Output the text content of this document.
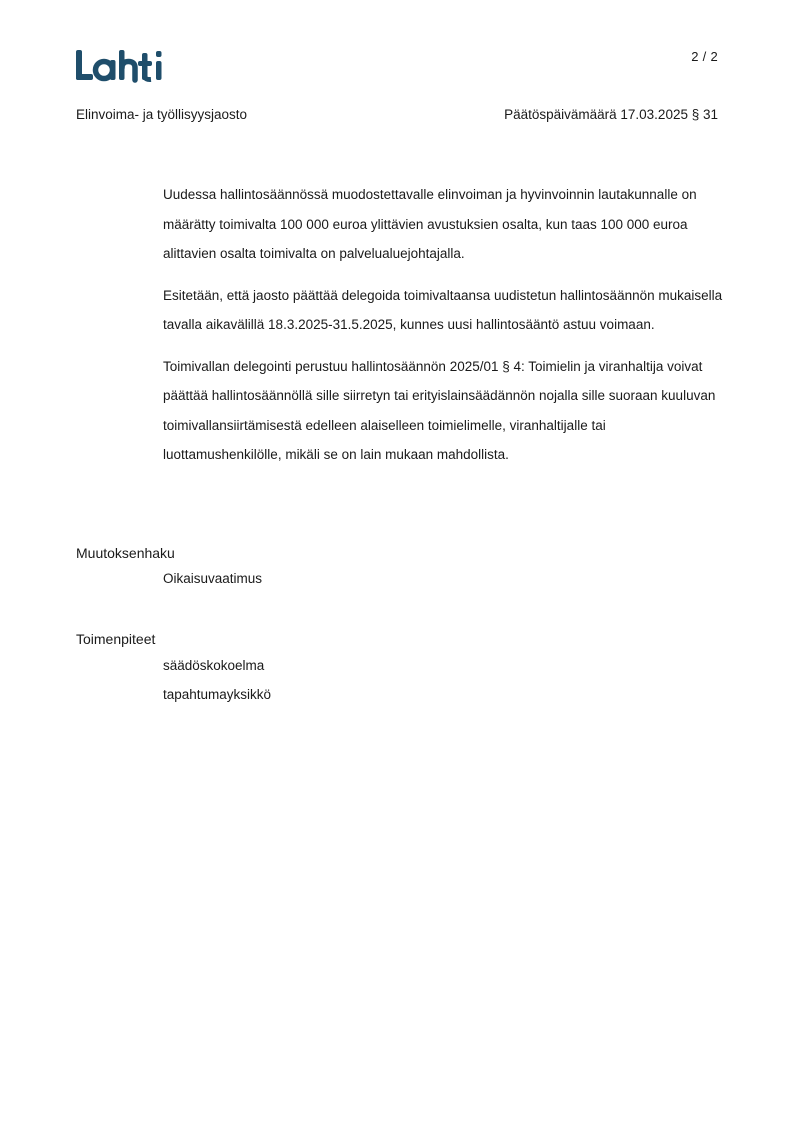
2 / 2
Elinvoima- ja työllisyysjaosto	Päätöspäivämäärä 17.03.2025 § 31

Uudessa hallintosäännössä muodostettavalle elinvoiman ja hyvinvoinnin lautakunnalle on määrätty toimivalta 100 000 euroa ylittävien avustuksien osalta, kun taas 100 000 euroa alittavien osalta toimivalta on palvelualuejohtajalla.

Esitetään, että jaosto päättää delegoida toimivaltaansa uudistetun hallintosäännön mukaisella tavalla aikavälillä 18.3.2025-31.5.2025, kunnes uusi hallintosääntö astuu voimaan.

Toimivallan delegointi perustuu hallintosäännön 2025/01 § 4: Toimielin ja viranhaltija voivat päättää hallintosäännöllä sille siirretyn tai erityislainsäädännön nojalla sille suoraan kuuluvan toimivallansiirtämisestä edelleen alaiselleen toimielimelle, viranhaltijalle tai luottamushenkilölle, mikäli se on lain mukaan mahdollista.

Muutoksenhaku
Oikaisuvaatimus
Toimenpiteet
säädöskokoelma
tapahtumayksikkö
